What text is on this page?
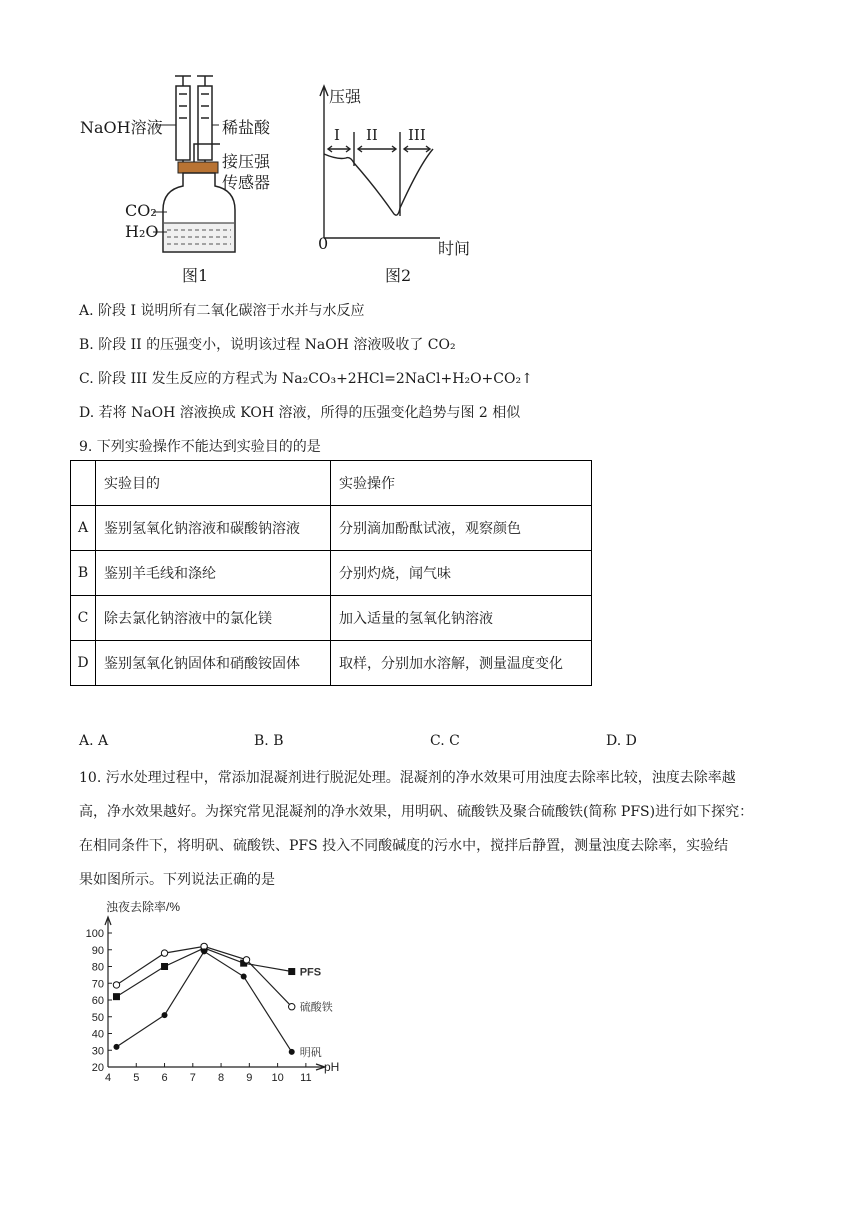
NaOH溶液	稀盐酸
接压强
传感器
CO₂
H₂O
图1
压强
I II III
0	时间
图2
A. 阶段 I 说明所有二氧化碳溶于水并与水反应
B. 阶段 II 的压强变小，说明该过程 NaOH 溶液吸收了 CO₂
C. 阶段 III 发生反应的方程式为 Na₂CO₃+2HCl=2NaCl+H₂O+CO₂↑
D. 若将 NaOH 溶液换成 KOH 溶液，所得的压强变化趋势与图 2 相似
9. 下列实验操作不能达到实验目的的是
	实验目的	实验操作
A	鉴别氢氧化钠溶液和碳酸钠溶液	分别滴加酚酞试液，观察颜色
B	鉴别羊毛线和涤纶	分别灼烧，闻气味
C	除去氯化钠溶液中的氯化镁	加入适量的氢氧化钠溶液
D	鉴别氢氧化钠固体和硝酸铵固体	取样，分别加水溶解，测量温度变化
A. A	B. B	C. C	D. D
10. 污水处理过程中，常添加混凝剂进行脱泥处理。混凝剂的净水效果可用浊度去除率比较，浊度去除率越
高，净水效果越好。为探究常见混凝剂的净水效果，用明矾、硫酸铁及聚合硫酸铁(简称 PFS)进行如下探究：
在相同条件下，将明矾、硫酸铁、PFS 投入不同酸碱度的污水中，搅拌后静置，测量浊度去除率，实验结
果如图所示。下列说法正确的是
浊夜去除率/%
pH
20
30
40
50
60
70
80
90
100
4 5 6 7 8 9 10 11
PFS
硫酸铁
明矾
